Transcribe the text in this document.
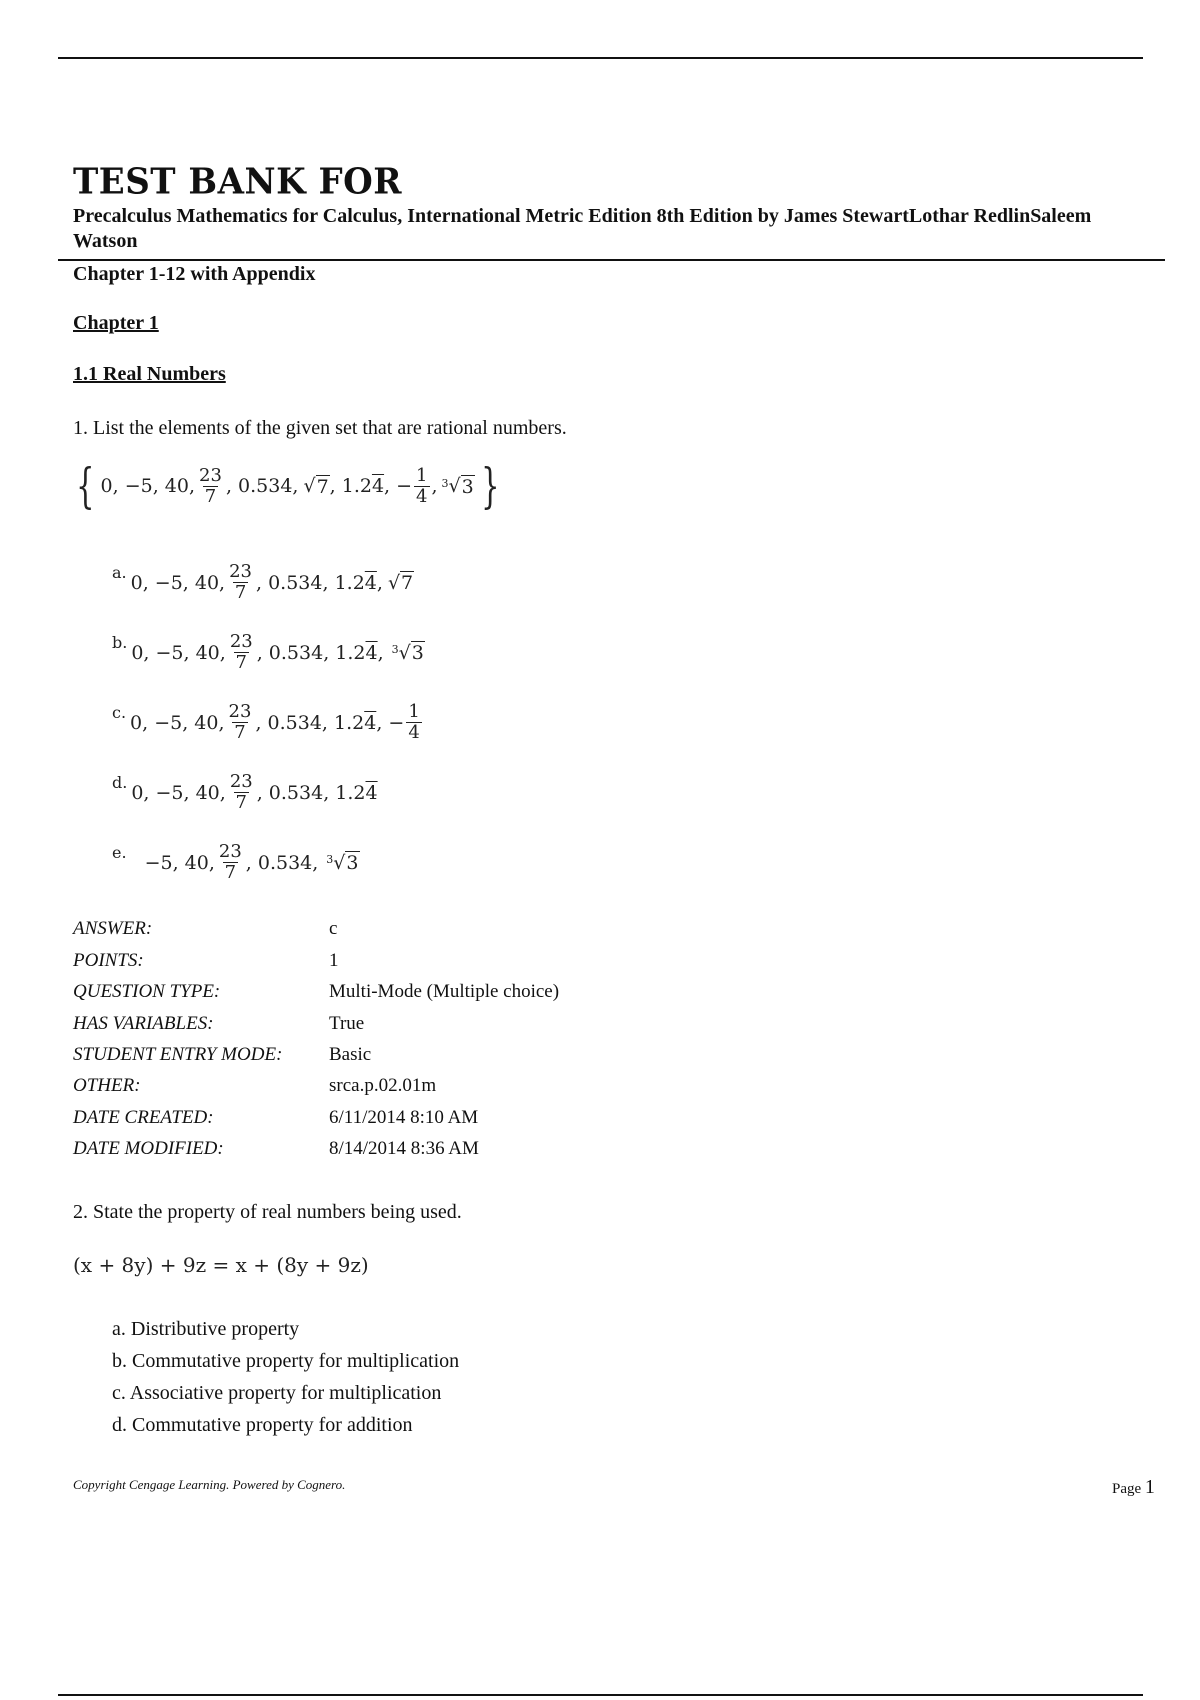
TEST BANK FOR
Precalculus Mathematics for Calculus, International Metric Edition 8th Edition by James StewartLothar RedlinSaleem Watson
Chapter 1-12 with Appendix
Chapter 1
1.1 Real Numbers
1. List the elements of the given set that are rational numbers.
{ 0, −5, 40, $\frac{23}{7}$ , 0.534, √ 7 , 1.2 4 , − $\frac{1}{4}$ , $^3$ √ 3 }
a. 0, −5, 40, $\frac{23}{7}$ , 0.534, 1.2 4 , √ 7
b. 0, −5, 40, $\frac{23}{7}$ , 0.534, 1.2 4 , $^3$ √ 3
c. 0, −5, 40, $\frac{23}{7}$ , 0.534, 1.2 4 , − $\frac{1}{4}$
d. 0, −5, 40, $\frac{23}{7}$ , 0.534, 1.2 4
e. −5, 40, $\frac{23}{7}$ , 0.534, $^3$ √ 3
ANSWER:	c
POINTS:	1
QUESTION TYPE:	Multi-Mode (Multiple choice)
HAS VARIABLES:	True
STUDENT ENTRY MODE:	Basic
OTHER:	srca.p.02.01m
DATE CREATED:	6/11/2014 8:10 AM
DATE MODIFIED:	8/14/2014 8:36 AM
2. State the property of real numbers being used.
(x + 8y) + 9z = x + (8y + 9z)
a. Distributive property
b. Commutative property for multiplication
c. Associative property for multiplication
d. Commutative property for addition
Copyright Cengage Learning. Powered by Cognero.	Page 1
